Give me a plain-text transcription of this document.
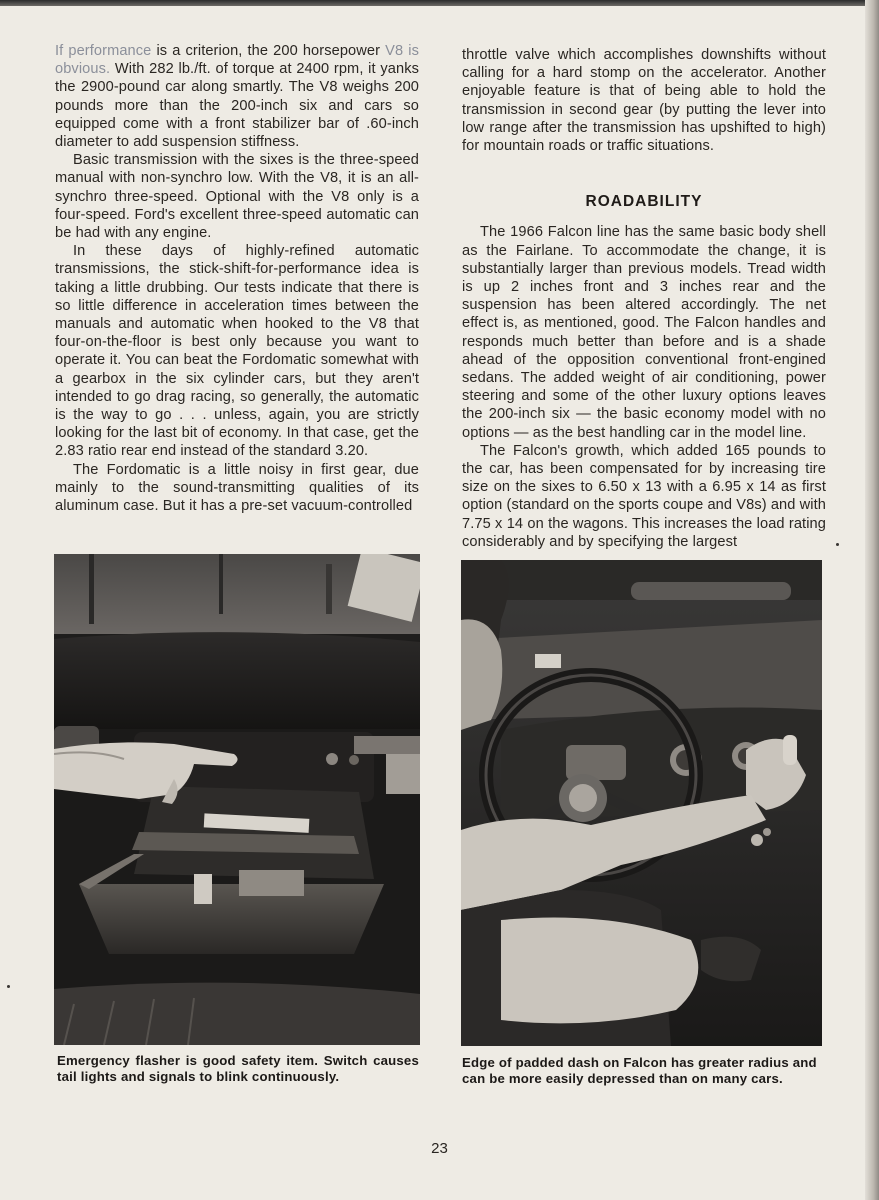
If performance is a criterion, the 200 horsepower V8 is obvious. With 282 lb./ft. of torque at 2400 rpm, it yanks the 2900-pound car along smartly. The V8 weighs 200 pounds more than the 200-inch six and cars so equipped come with a front stabilizer bar of .60-inch diameter to add suspension stiffness.

Basic transmission with the sixes is the three-speed manual with non-synchro low. With the V8, it is an all-synchro three-speed. Optional with the V8 only is a four-speed. Ford's excellent three-speed automatic can be had with any engine.

In these days of highly-refined automatic transmissions, the stick-shift-for-performance idea is taking a little drubbing. Our tests indicate that there is so little difference in acceleration times between the manuals and automatic when hooked to the V8 that four-on-the-floor is best only because you want to operate it. You can beat the Fordomatic somewhat with a gearbox in the six cylinder cars, but they aren't intended to go drag racing, so generally, the automatic is the way to go . . . unless, again, you are strictly looking for the last bit of economy. In that case, get the 2.83 ratio rear end instead of the standard 3.20.

The Fordomatic is a little noisy in first gear, due mainly to the sound-transmitting qualities of its aluminum case. But it has a pre-set vacuum-controlled

throttle valve which accomplishes downshifts without calling for a hard stomp on the accelerator. Another enjoyable feature is that of being able to hold the transmission in second gear (by putting the lever into low range after the transmission has upshifted to high) for mountain roads or traffic situations.

ROADABILITY

The 1966 Falcon line has the same basic body shell as the Fairlane. To accommodate the change, it is substantially larger than previous models. Tread width is up 2 inches front and 3 inches rear and the suspension has been altered accordingly. The net effect is, as mentioned, good. The Falcon handles and responds much better than before and is a shade ahead of the opposition conventional front-engined sedans. The added weight of air conditioning, power steering and some of the other luxury options leaves the 200-inch six — the basic economy model with no options — as the best handling car in the model line.

The Falcon's growth, which added 165 pounds to the car, has been compensated for by increasing tire size on the sixes to 6.50 x 13 with a 6.95 x 14 as first option (standard on the sports coupe and V8s) and with 7.75 x 14 on the wagons. This increases the load rating considerably and by specifying the largest

Emergency flasher is good safety item. Switch causes tail lights and signals to blink continuously.
Edge of padded dash on Falcon has greater radius and can be more easily depressed than on many cars.
23
